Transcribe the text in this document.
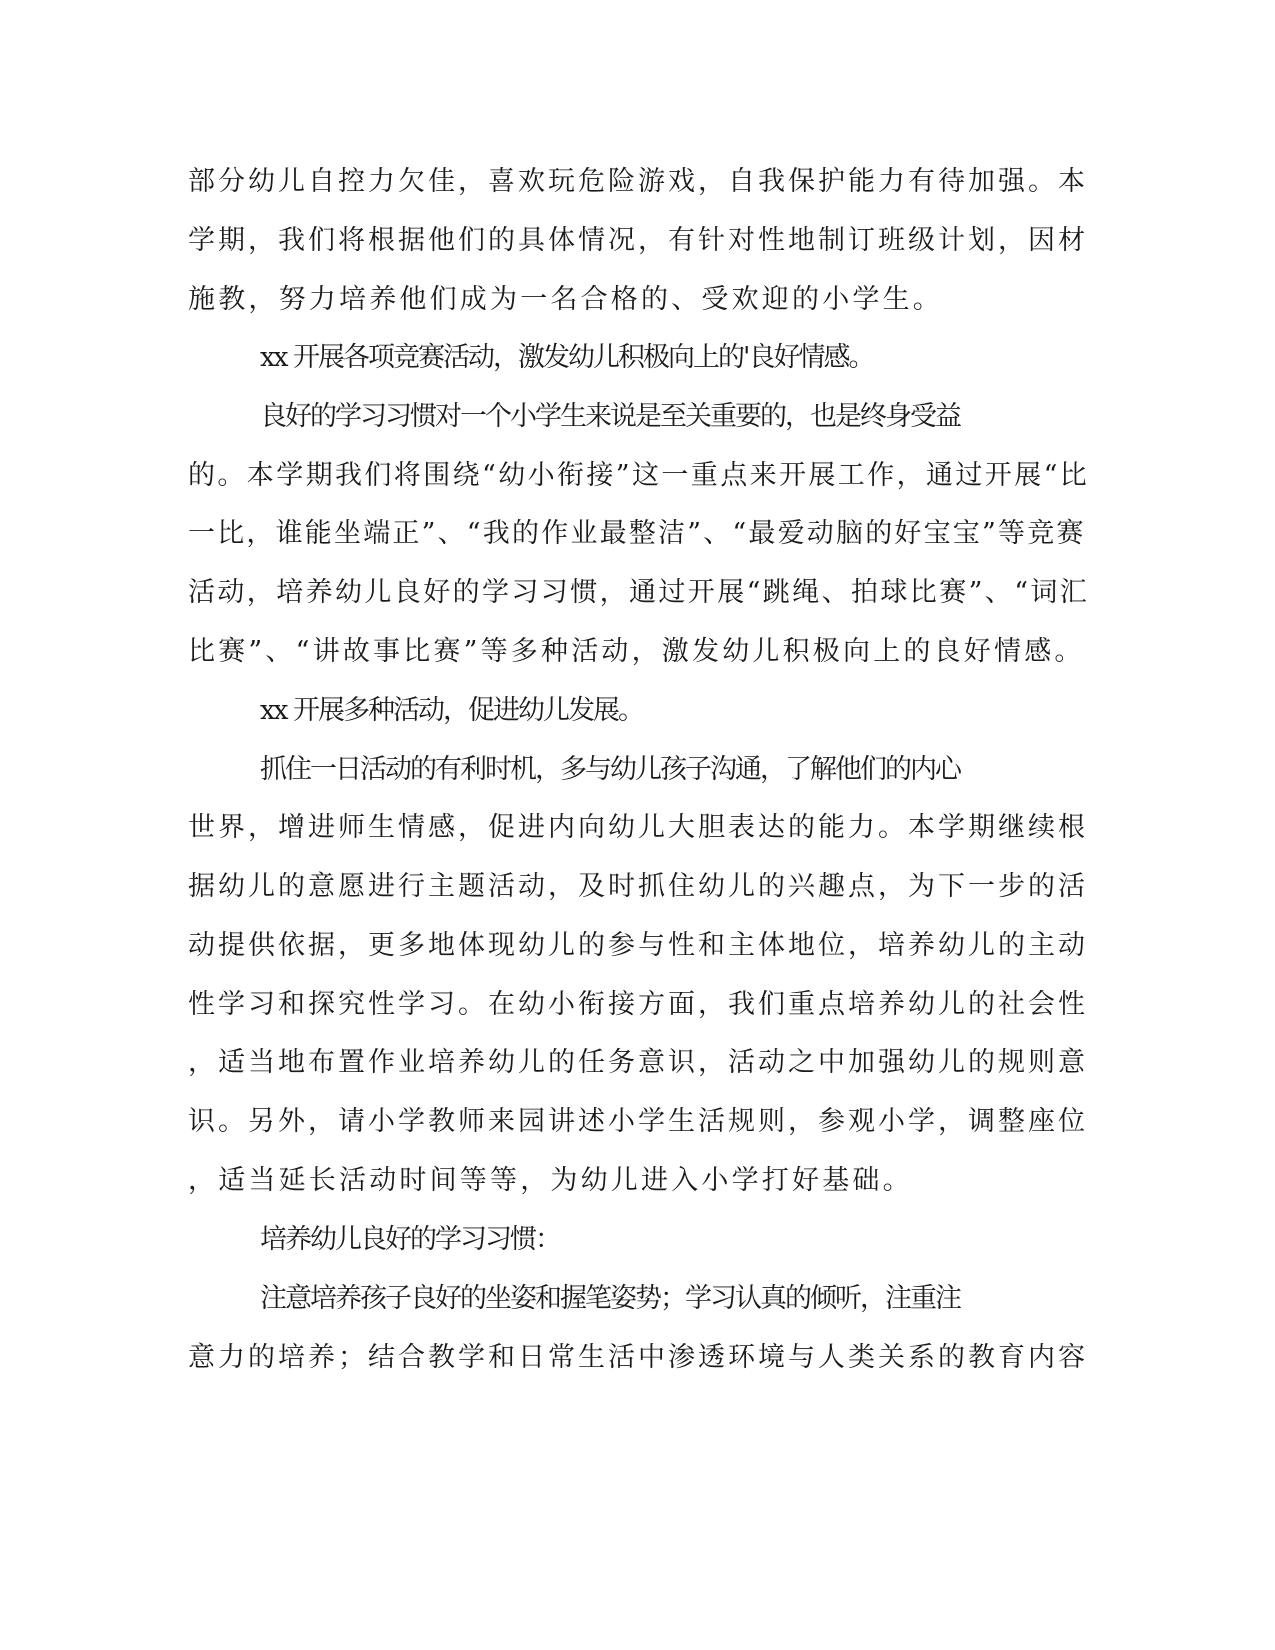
部分幼儿自控力欠佳，喜欢玩危险游戏，自我保护能力有待加强。本
学期，我们将根据他们的具体情况，有针对性地制订班级计划，因材
施教，努力培养他们成为一名合格的、受欢迎的小学生。
xx 开展各项竞赛活动，激发幼儿积极向上的'良好情感。
良好的学习习惯对一个小学生来说是至关重要的，也是终身受益
的。本学期我们将围绕“幼小衔接”这一重点来开展工作，通过开展“比
一比，谁能坐端正”、“我的作业最整洁”、“最爱动脑的好宝宝”等竞赛
活动，培养幼儿良好的学习习惯，通过开展“跳绳、拍球比赛”、“词汇
比赛”、“讲故事比赛”等多种活动，激发幼儿积极向上的良好情感。
xx 开展多种活动，促进幼儿发展。
抓住一日活动的有利时机，多与幼儿孩子沟通，了解他们的内心
世界，增进师生情感，促进内向幼儿大胆表达的能力。本学期继续根
据幼儿的意愿进行主题活动，及时抓住幼儿的兴趣点，为下一步的活
动提供依据，更多地体现幼儿的参与性和主体地位，培养幼儿的主动
性学习和探究性学习。在幼小衔接方面，我们重点培养幼儿的社会性
，适当地布置作业培养幼儿的任务意识，活动之中加强幼儿的规则意
识。另外，请小学教师来园讲述小学生活规则，参观小学，调整座位
，适当延长活动时间等等，为幼儿进入小学打好基础。
培养幼儿良好的学习习惯：
注意培养孩子良好的坐姿和握笔姿势；学习认真的倾听，注重注
意力的培养；结合教学和日常生活中渗透环境与人类关系的教育内容
